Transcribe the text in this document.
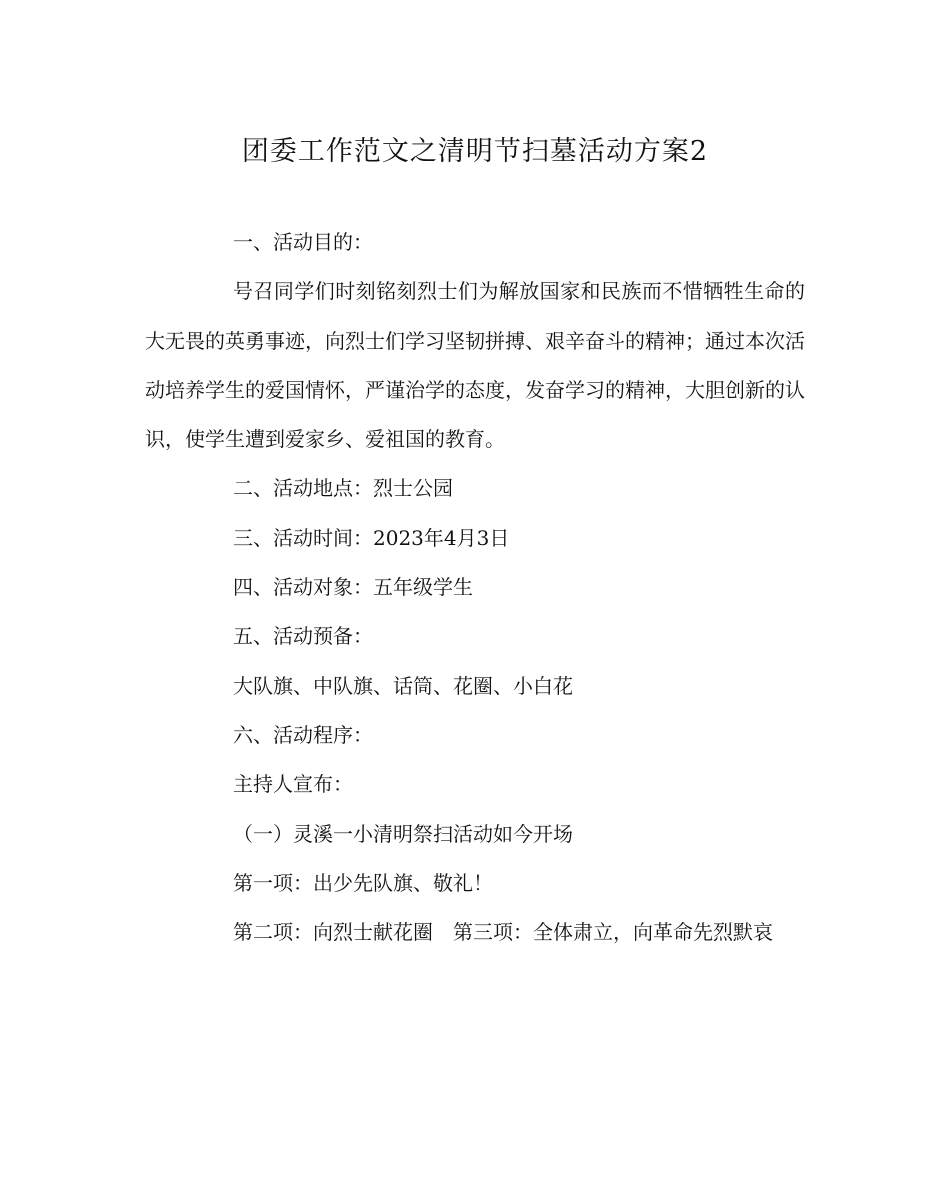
团委工作范文之清明节扫墓活动方案2

一、活动目的：

号召同学们时刻铭刻烈士们为解放国家和民族而不惜牺牲生命的大无畏的英勇事迹，向烈士们学习坚韧拼搏、艰辛奋斗的精神；通过本次活动培养学生的爱国情怀，严谨治学的态度，发奋学习的精神，大胆创新的认识，使学生遭到爱家乡、爱祖国的教育。

二、活动地点：烈士公园

三、活动时间：2023年4月3日

四、活动对象：五年级学生

五、活动预备：

大队旗、中队旗、话筒、花圈、小白花

六、活动程序：

主持人宣布：

（一）灵溪一小清明祭扫活动如今开场

第一项：出少先队旗、敬礼！

第二项：向烈士献花圈 第三项：全体肃立，向革命先烈默哀
